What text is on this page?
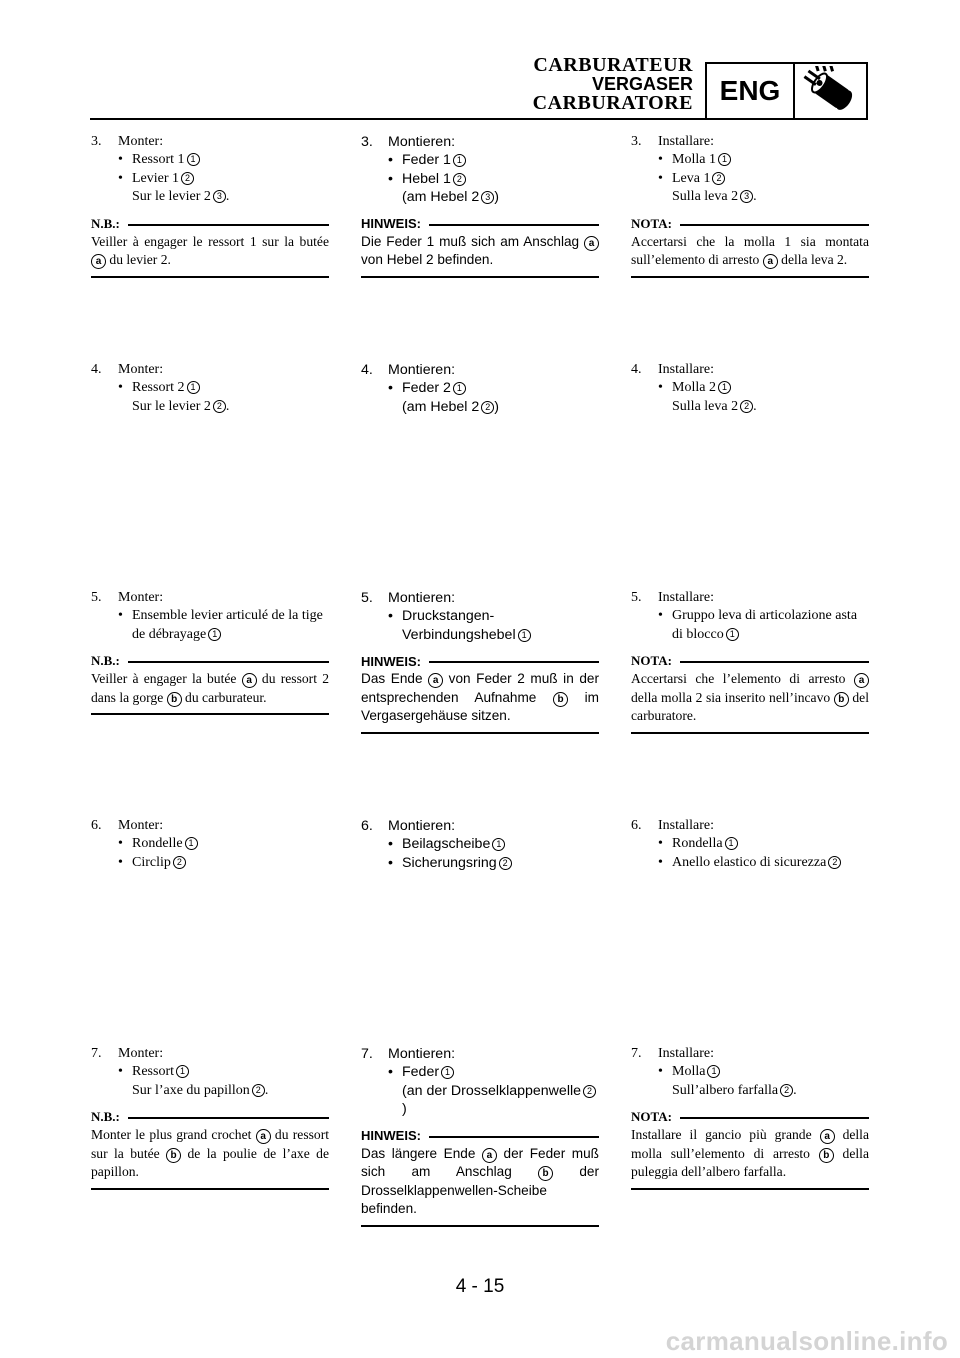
CARBURATEUR
VERGASER
CARBURATORE ENG
3. Monter:
• Ressort 1 1
• Levier 1 2
Sur le levier 2 3 .
N.B.:
Veiller à engager le ressort 1 sur la butée a du levier 2.
4. Monter:
• Ressort 2 1
Sur le levier 2 2 .
5. Monter:
• Ensemble levier articulé de la tige de débrayage 1
N.B.:
Veiller à engager la butée a du ressort 2 dans la gorge b du carburateur.
6. Monter:
• Rondelle 1
• Circlip 2
7. Monter:
• Ressort 1
Sur l’axe du papillon 2 .
N.B.:
Monter le plus grand crochet a du ressort sur la butée b de la poulie de l’axe de papillon.
3. Montieren:
• Feder 1 1
• Hebel 1 2
(am Hebel 2 3 )
HINWEIS:
Die Feder 1 muß sich am Anschlag a von Hebel 2 befinden.
4. Montieren:
• Feder 2 1
(am Hebel 2 2 )
5. Montieren:
• Druckstangen-Verbindungshebel 1
HINWEIS:
Das Ende a von Feder 2 muß in der entsprechenden Aufnahme b im Vergasergehäuse sitzen.
6. Montieren:
• Beilagscheibe 1
• Sicherungsring 2
7. Montieren:
• Feder 1
(an der Drosselklappenwelle 2)
HINWEIS:
Das längere Ende a der Feder muß sich am Anschlag b der Drosselklappenwellen-Scheibe befinden.
3. Installare:
• Molla 1 1
• Leva 1 2
Sulla leva 2 3 .
NOTA:
Accertarsi che la molla 1 sia montata sull’elemento di arresto a della leva 2.
4. Installare:
• Molla 2 1
Sulla leva 2 2 .
5. Installare:
• Gruppo leva di articolazione asta di blocco 1
NOTA:
Accertarsi che l’elemento di arresto a della molla 2 sia inserito nell’incavo b del carburatore.
6. Installare:
• Rondella 1
• Anello elastico di sicurezza 2
7. Installare:
• Molla 1
Sull’albero farfalla 2 .
NOTA:
Installare il gancio più grande a della molla sull’elemento di arresto b della puleggia dell’albero farfalla.
4 - 15
carmanualsonline.info
